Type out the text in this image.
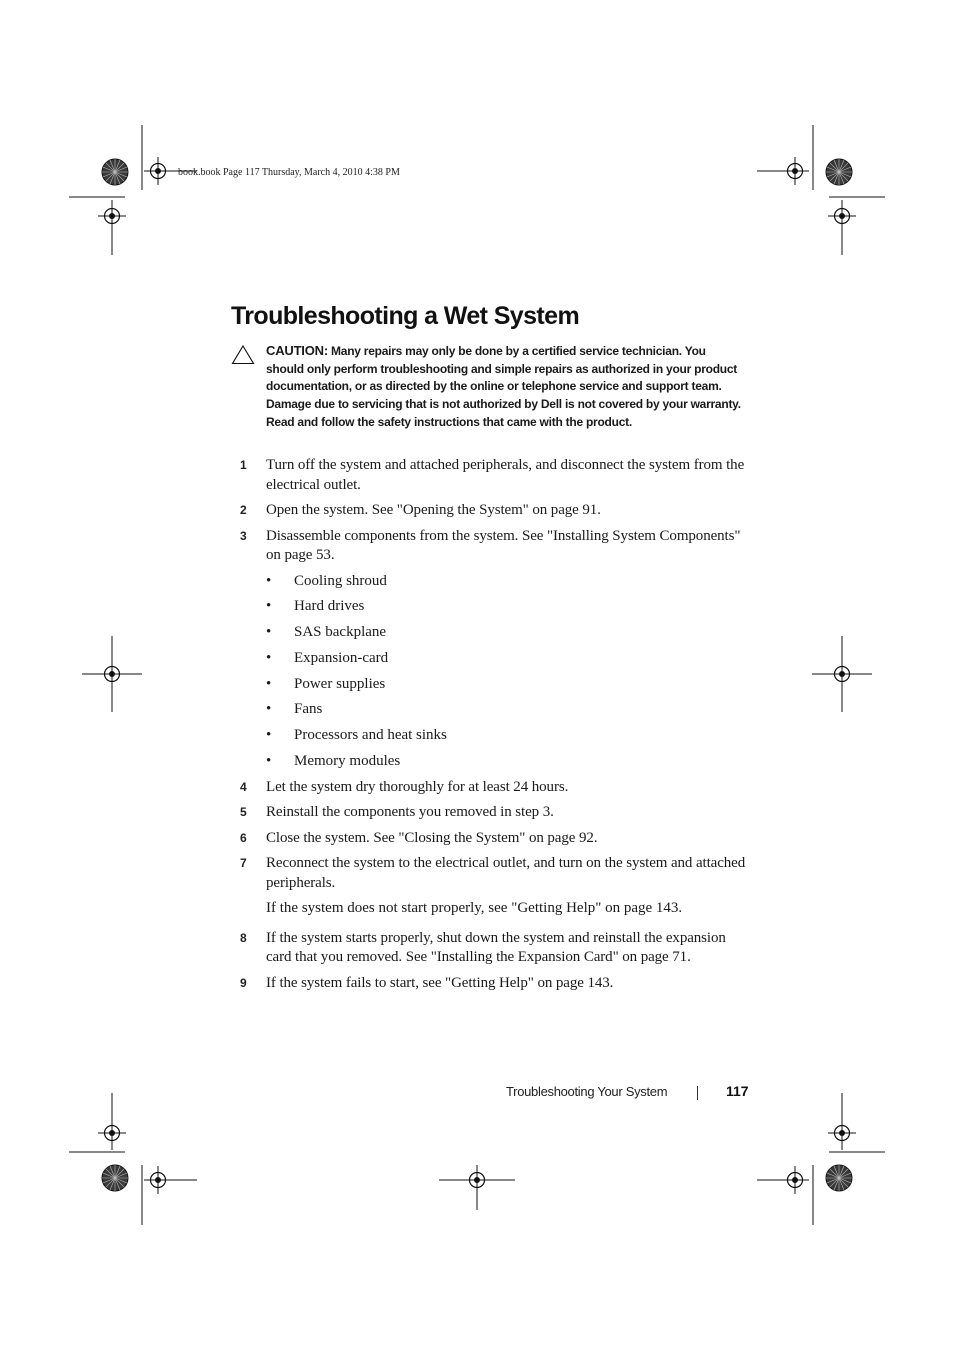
book.book Page 117 Thursday, March 4, 2010 4:38 PM
Troubleshooting a Wet System
CAUTION: Many repairs may only be done by a certified service technician. You should only perform troubleshooting and simple repairs as authorized in your product documentation, or as directed by the online or telephone service and support team. Damage due to servicing that is not authorized by Dell is not covered by your warranty. Read and follow the safety instructions that came with the product.
1 Turn off the system and attached peripherals, and disconnect the system from the electrical outlet.
2 Open the system. See "Opening the System" on page 91.
3 Disassemble components from the system. See "Installing System Components" on page 53.
• Cooling shroud
• Hard drives
• SAS backplane
• Expansion-card
• Power supplies
• Fans
• Processors and heat sinks
• Memory modules
4 Let the system dry thoroughly for at least 24 hours.
5 Reinstall the components you removed in step 3.
6 Close the system. See "Closing the System" on page 92.
7 Reconnect the system to the electrical outlet, and turn on the system and attached peripherals.
If the system does not start properly, see "Getting Help" on page 143.
8 If the system starts properly, shut down the system and reinstall the expansion card that you removed. See "Installing the Expansion Card" on page 71.
9 If the system fails to start, see "Getting Help" on page 143.
Troubleshooting Your System	117
